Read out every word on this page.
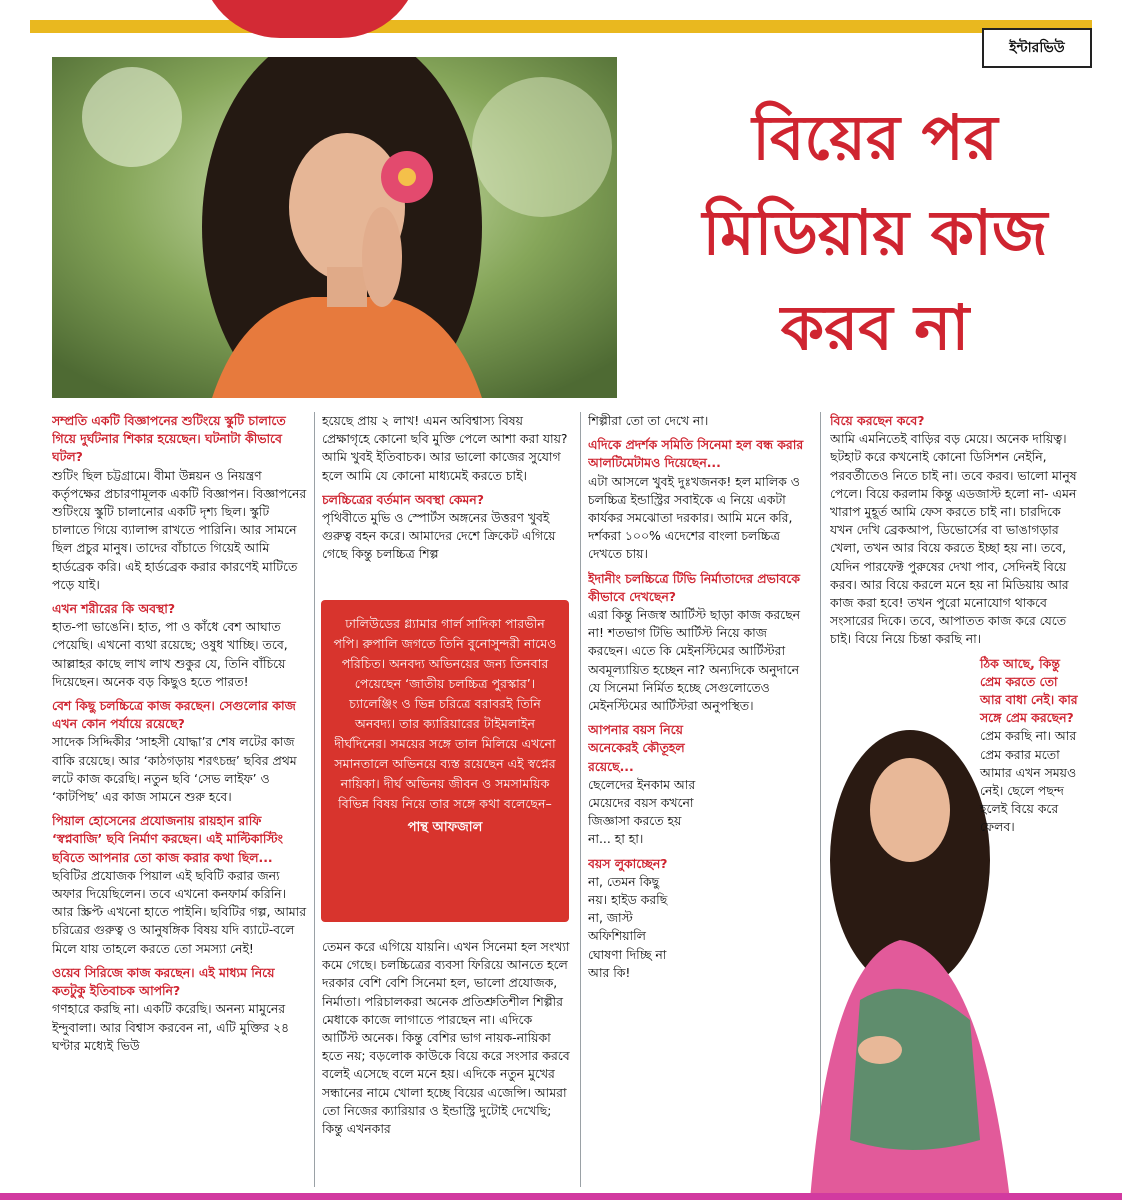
ইন্টারভিউ
বিয়ের পর
মিডিয়ায় কাজ
করব না

সম্প্রতি একটি বিজ্ঞাপনের শুটিংয়ে স্কুটি চালাতে গিয়ে দুর্ঘটনার শিকার হয়েছেন। ঘটনাটা কীভাবে ঘটল?

শুটিং ছিল চট্টগ্রামে। বীমা উন্নয়ন ও নিয়ন্ত্রণ কর্তৃপক্ষের প্রচারণামূলক একটি বিজ্ঞাপন। বিজ্ঞাপনের শুটিংয়ে স্কুটি চালানোর একটি দৃশ্য ছিল। স্কুটি চালাতে গিয়ে ব্যালান্স রাখতে পারিনি। আর সামনে ছিল প্রচুর মানুষ। তাদের বাঁচাতে গিয়েই আমি হার্ডব্রেক করি। এই হার্ডব্রেক করার কারণেই মাটিতে পড়ে যাই।

এখন শরীরের কি অবস্থা?

হাত-পা ভাঙেনি। হাত, পা ও কাঁধে বেশ আঘাত পেয়েছি। এখনো ব্যথা রয়েছে; ওষুধ খাচ্ছি। তবে, আল্লাহর কাছে লাখ লাখ শুকুর যে, তিনি বাঁচিয়ে দিয়েছেন। অনেক বড় কিছুও হতে পারত!

বেশ কিছু চলচ্চিত্রে কাজ করছেন। সেগুলোর কাজ এখন কোন পর্যায়ে রয়েছে?

সাদেক সিদ্দিকীর ‘সাহসী যোদ্ধা’র শেষ লটের কাজ বাকি রয়েছে। আর ‘কাঠগড়ায় শরৎচন্দ্র’ ছবির প্রথম লটে কাজ করেছি। নতুন ছবি ‘সেভ লাইফ’ ও ‘কাটপিছ’ এর কাজ সামনে শুরু হবে।

পিয়াল হোসেনের প্রযোজনায় রায়হান রাফি ‘স্বপ্নবাজি’ ছবি নির্মাণ করছেন। এই মাল্টিকাস্টিং ছবিতে আপনার তো কাজ করার কথা ছিল...

ছবিটির প্রযোজক পিয়াল এই ছবিটি করার জন্য অফার দিয়েছিলেন। তবে এখনো কনফার্ম করিনি। আর স্ক্রিপ্ট এখনো হাতে পাইনি। ছবিটির গল্প, আমার চরিত্রের গুরুত্ব ও আনুষঙ্গিক বিষয় যদি ব্যাটে-বলে মিলে যায় তাহলে করতে তো সমস্যা নেই!

ওয়েব সিরিজে কাজ করছেন। এই মাধ্যম নিয়ে কতটুকু ইতিবাচক আপনি?

গণহারে করছি না। একটি করেছি। অনন্য মামুনের ইন্দুবালা। আর বিশ্বাস করবেন না, এটি মুক্তির ২৪ ঘণ্টার মধ্যেই ভিউ

হয়েছে প্রায় ২ লাখ! এমন অবিশ্বাস্য বিষয় প্রেক্ষাগৃহে কোনো ছবি মুক্তি পেলে আশা করা যায়? আমি খুবই ইতিবাচক। আর ভালো কাজের সুযোগ হলে আমি যে কোনো মাধ্যমেই করতে চাই।

চলচ্চিত্রের বর্তমান অবস্থা কেমন?

পৃথিবীতে মুভি ও স্পোর্টস অঙ্গনের উত্তরণ খুবই গুরুত্ব বহন করে। আমাদের দেশে ক্রিকেট এগিয়ে গেছে কিন্তু চলচ্চিত্র শিল্প

ঢালিউডের গ্ল্যামার গার্ল সাদিকা পারভীন পপি। রুপালি জগতে তিনি বুনোসুন্দরী নামেও পরিচিত। অনবদ্য অভিনয়ের জন্য তিনবার পেয়েছেন ‘জাতীয় চলচ্চিত্র পুরস্কার’। চ্যালেঞ্জিং ও ভিন্ন চরিত্রে বরাবরই তিনি অনবদ্য। তার ক্যারিয়ারের টাইমলাইন দীর্ঘদিনের। সময়ের সঙ্গে তাল মিলিয়ে এখনো সমানতালে অভিনয়ে ব্যস্ত রয়েছেন এই স্বপ্নের নায়িকা। দীর্ঘ অভিনয় জীবন ও সমসাময়িক বিভিন্ন বিষয় নিয়ে তার সঙ্গে কথা বলেছেন–
পান্থ আফজাল

তেমন করে এগিয়ে যায়নি। এখন সিনেমা হল সংখ্যা কমে গেছে। চলচ্চিত্রের ব্যবসা ফিরিয়ে আনতে হলে দরকার বেশি বেশি সিনেমা হল, ভালো প্রযোজক, নির্মাতা। পরিচালকরা অনেক প্রতিশ্রুতিশীল শিল্পীর মেধাকে কাজে লাগাতে পারছেন না। এদিকে আর্টিস্ট অনেক। কিন্তু বেশির ভাগ নায়ক-নায়িকা হতে নয়; বড়লোক কাউকে বিয়ে করে সংসার করবে বলেই এসেছে বলে মনে হয়। এদিকে নতুন মুখের সন্ধানের নামে খোলা হচ্ছে বিয়ের এজেন্সি। আমরা তো নিজের ক্যারিয়ার ও ইন্ডাস্ট্রি দুটোই দেখেছি; কিন্তু এখনকার

শিল্পীরা তো তা দেখে না।

এদিকে প্রদর্শক সমিতি সিনেমা হল বন্ধ করার আলটিমেটামও দিয়েছেন...

এটা আসলে খুবই দুঃখজনক! হল মালিক ও চলচ্চিত্র ইন্ডাস্ট্রির সবাইকে এ নিয়ে একটা কার্যকর সমঝোতা দরকার। আমি মনে করি, দর্শকরা ১০০% এদেশের বাংলা চলচ্চিত্র দেখতে চায়।

ইদানীং চলচ্চিত্রে টিভি নির্মাতাদের প্রভাবকে কীভাবে দেখছেন?

এরা কিন্তু নিজস্ব আর্টিস্ট ছাড়া কাজ করছেন না! শতভাগ টিভি আর্টিস্ট নিয়ে কাজ করছেন। এতে কি মেইনস্টিমের আর্টিস্টরা অবমূল্যায়িত হচ্ছেন না? অন্যদিকে অনুদানে যে সিনেমা নির্মিত হচ্ছে সেগুলোতেও মেইনস্টিমের আর্টিস্টরা অনুপস্থিত।

আপনার বয়স নিয়ে অনেকেরই কৌতূহল রয়েছে...

ছেলেদের ইনকাম আর মেয়েদের বয়স কখনো জিজ্ঞাসা করতে হয় না... হা হা।

বয়স লুকাচ্ছেন?

না, তেমন কিছু নয়। হাইড করছি না, জাস্ট অফিশিয়ালি ঘোষণা দিচ্ছি না আর কি!

বিয়ে করছেন কবে?

আমি এমনিতেই বাড়ির বড় মেয়ে। অনেক দায়িত্ব। ছটহাট করে কখনোই কোনো ডিসিশন নেইনি, পরবর্তীতেও নিতে চাই না। তবে করব। ভালো মানুষ পেলে। বিয়ে করলাম কিন্তু এডজাস্ট হলো না- এমন খারাপ মুহূর্ত আমি ফেস করতে চাই না। চারদিকে যখন দেখি ব্রেকআপ, ডিভোর্সের বা ভাঙাগড়ার খেলা, তখন আর বিয়ে করতে ইচ্ছা হয় না। তবে, যেদিন পারফেক্ট পুরুষের দেখা পাব, সেদিনই বিয়ে করব। আর বিয়ে করলে মনে হয় না মিডিয়ায় আর কাজ করা হবে! তখন পুরো মনোযোগ থাকবে সংসারের দিকে। তবে, আপাতত কাজ করে যেতে চাই। বিয়ে নিয়ে চিন্তা করছি না।

ঠিক আছে, কিন্তু প্রেম করতে তো আর বাধা নেই। কার সঙ্গে প্রেম করছেন?

প্রেম করছি না। আর প্রেম করার মতো আমার এখন সময়ও নেই। ছেলে পছন্দ হলেই বিয়ে করে ফেলব।
